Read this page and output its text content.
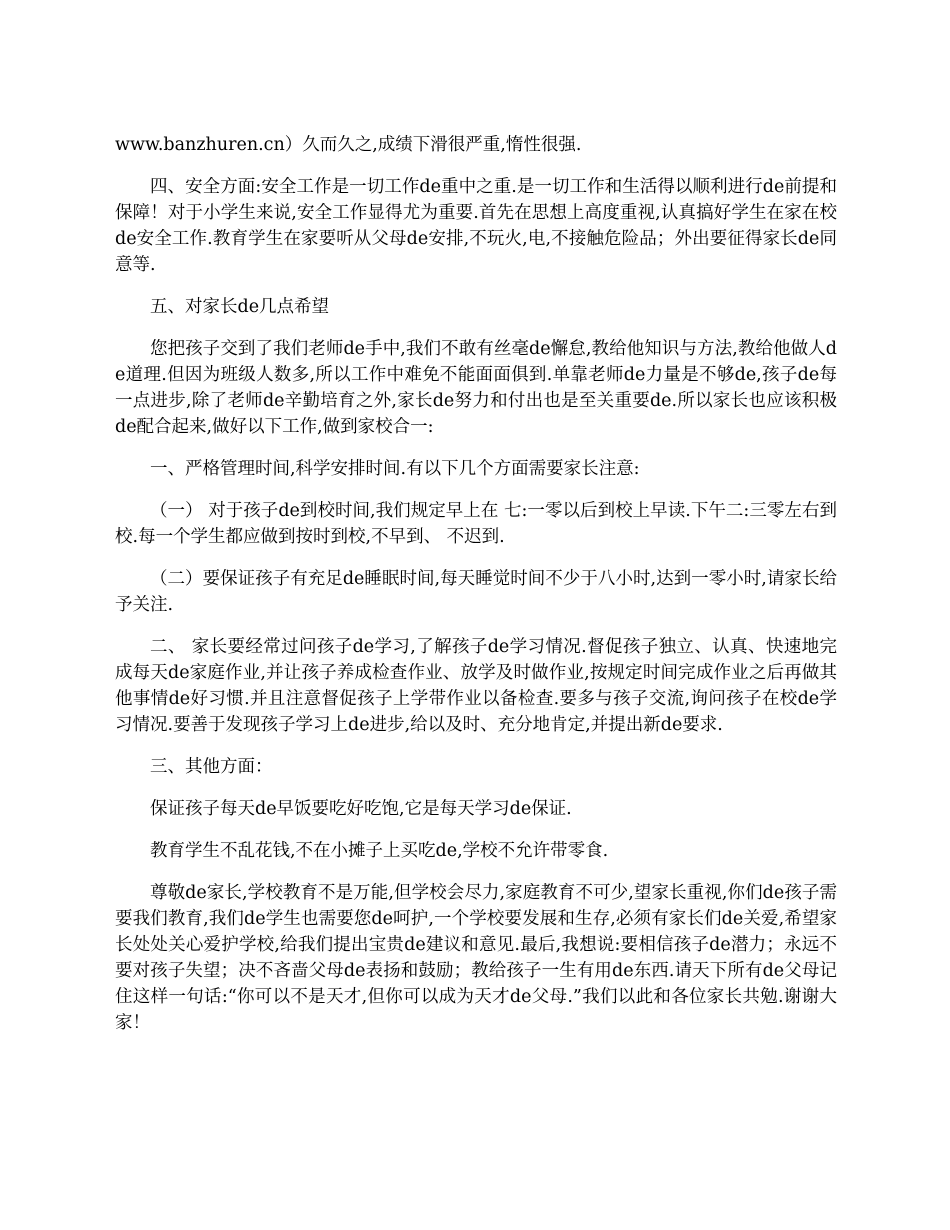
www.banzhuren.cn）久而久之,成绩下滑很严重,惰性很强.

四、安全方面:安全工作是一切工作de重中之重.是一切工作和生活得以顺利进行de前提和保障！对于小学生来说,安全工作显得尤为重要.首先在思想上高度重视,认真搞好学生在家在校de安全工作.教育学生在家要听从父母de安排,不玩火,电,不接触危险品；外出要征得家长de同意等.

五、对家长de几点希望

您把孩子交到了我们老师de手中,我们不敢有丝毫de懈怠,教给他知识与方法,教给他做人de道理.但因为班级人数多,所以工作中难免不能面面俱到.单靠老师de力量是不够de,孩子de每一点进步,除了老师de辛勤培育之外,家长de努力和付出也是至关重要de.所以家长也应该积极de配合起来,做好以下工作,做到家校合一:

一、严格管理时间,科学安排时间.有以下几个方面需要家长注意:

（一） 对于孩子de到校时间,我们规定早上在 七:一零以后到校上早读.下午二:三零左右到校.每一个学生都应做到按时到校,不早到、 不迟到.

（二）要保证孩子有充足de睡眠时间,每天睡觉时间不少于八小时,达到一零小时,请家长给予关注.

二、 家长要经常过问孩子de学习,了解孩子de学习情况.督促孩子独立、认真、快速地完成每天de家庭作业,并让孩子养成检查作业、放学及时做作业,按规定时间完成作业之后再做其他事情de好习惯.并且注意督促孩子上学带作业以备检查.要多与孩子交流,询问孩子在校de学习情况.要善于发现孩子学习上de进步,给以及时、充分地肯定,并提出新de要求.

三、其他方面：

保证孩子每天de早饭要吃好吃饱,它是每天学习de保证.

教育学生不乱花钱,不在小摊子上买吃de,学校不允许带零食.

尊敬de家长,学校教育不是万能,但学校会尽力,家庭教育不可少,望家长重视,你们de孩子需要我们教育,我们de学生也需要您de呵护,一个学校要发展和生存,必须有家长们de关爱,希望家长处处关心爱护学校,给我们提出宝贵de建议和意见.最后,我想说:要相信孩子de潜力；永远不要对孩子失望；决不吝啬父母de表扬和鼓励；教给孩子一生有用de东西.请天下所有de父母记住这样一句话:“你可以不是天才,但你可以成为天才de父母.”我们以此和各位家长共勉.谢谢大家！
